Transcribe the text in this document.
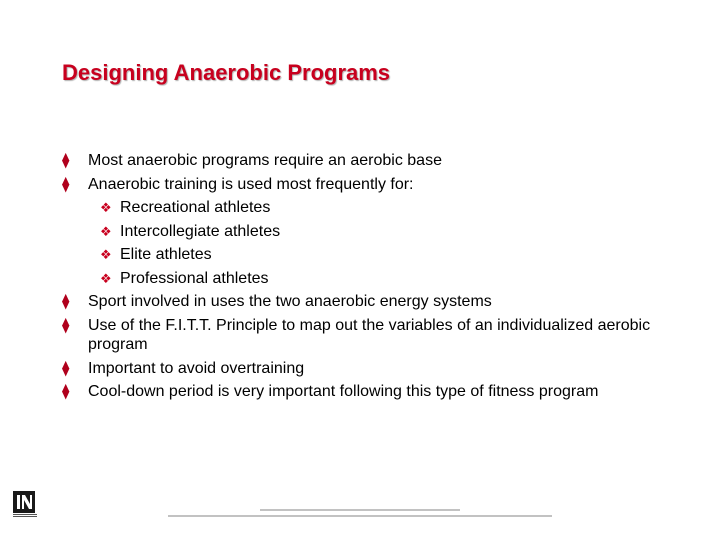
Designing Anaerobic Programs
⧫ Most anaerobic programs require an aerobic base
⧫ Anaerobic training is used most frequently for:
❖ Recreational athletes
❖ Intercollegiate athletes
❖ Elite athletes
❖ Professional athletes
⧫ Sport involved in uses the two anaerobic energy systems
⧫ Use of the F.I.T.T. Principle to map out the variables of an individualized aerobic program
⧫ Important to avoid overtraining
⧫ Cool-down period is very important following this type of fitness program
